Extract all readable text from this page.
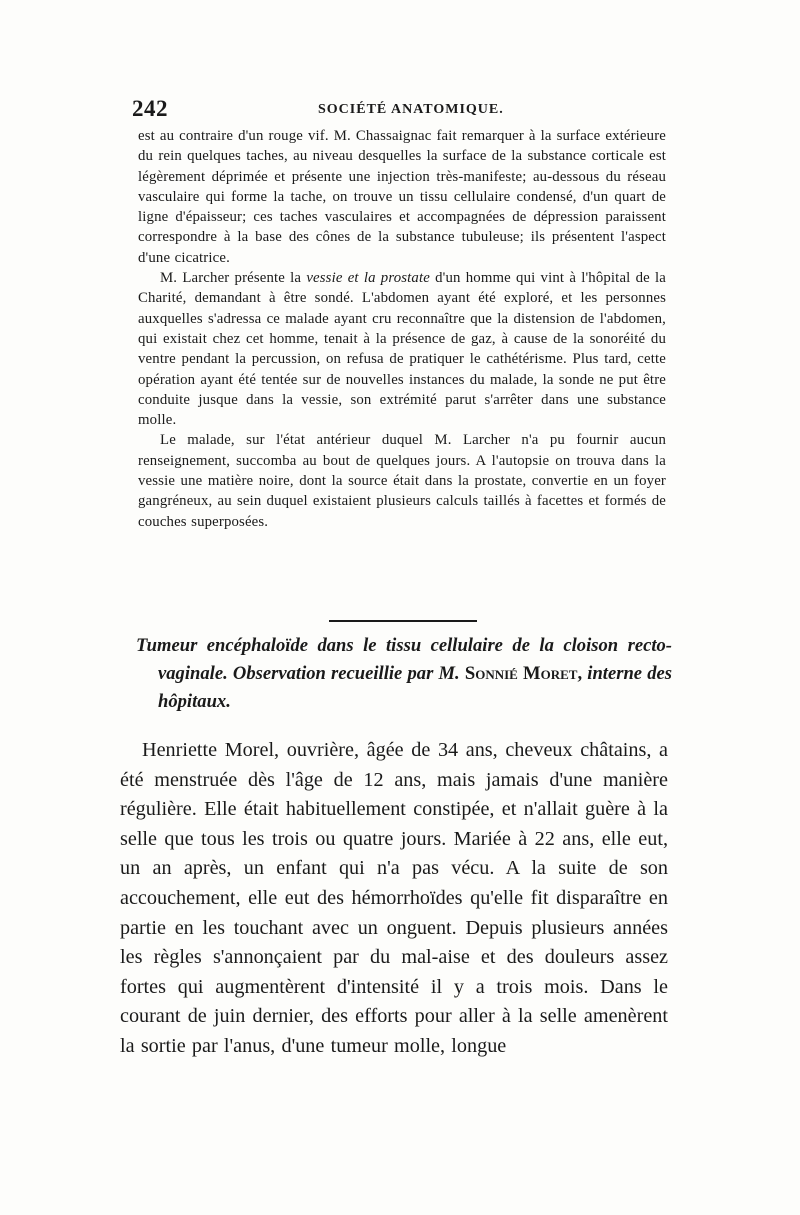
242	SOCIÉTÉ ANATOMIQUE.

est au contraire d'un rouge vif. M. Chassaignac fait remarquer à la surface extérieure du rein quelques taches, au niveau desquelles la surface de la substance corticale est légèrement déprimée et présente une injection très-manifeste; au-dessous du réseau vasculaire qui forme la tache, on trouve un tissu cellulaire condensé, d'un quart de ligne d'épaisseur; ces taches vasculaires et accompagnées de dépression paraissent correspondre à la base des cônes de la substance tubuleuse; ils présentent l'aspect d'une cicatrice.

M. Larcher présente la vessie et la prostate d'un homme qui vint à l'hôpital de la Charité, demandant à être sondé. L'abdomen ayant été exploré, et les personnes auxquelles s'adressa ce malade ayant cru reconnaître que la distension de l'abdomen, qui existait chez cet homme, tenait à la présence de gaz, à cause de la sonoréité du ventre pendant la percussion, on refusa de pratiquer le cathétérisme. Plus tard, cette opération ayant été tentée sur de nouvelles instances du malade, la sonde ne put être conduite jusque dans la vessie, son extrémité parut s'arrêter dans une substance molle.

Le malade, sur l'état antérieur duquel M. Larcher n'a pu fournir aucun renseignement, succomba au bout de quelques jours. A l'autopsie on trouva dans la vessie une matière noire, dont la source était dans la prostate, convertie en un foyer gangréneux, au sein duquel existaient plusieurs calculs taillés à facettes et formés de couches superposées.

Tumeur encéphaloïde dans le tissu cellulaire de la cloison recto-vaginale. Observation recueillie par M. Sonnié Moret, interne des hôpitaux.

Henriette Morel, ouvrière, âgée de 34 ans, cheveux châtains, a été menstruée dès l'âge de 12 ans, mais jamais d'une manière régulière. Elle était habituellement constipée, et n'allait guère à la selle que tous les trois ou quatre jours. Mariée à 22 ans, elle eut, un an après, un enfant qui n'a pas vécu. A la suite de son accouchement, elle eut des hémorrhoïdes qu'elle fit disparaître en partie en les touchant avec un onguent. Depuis plusieurs années les règles s'annonçaient par du mal-aise et des douleurs assez fortes qui augmentèrent d'intensité il y a trois mois. Dans le courant de juin dernier, des efforts pour aller à la selle amenèrent la sortie par l'anus, d'une tumeur molle, longue
